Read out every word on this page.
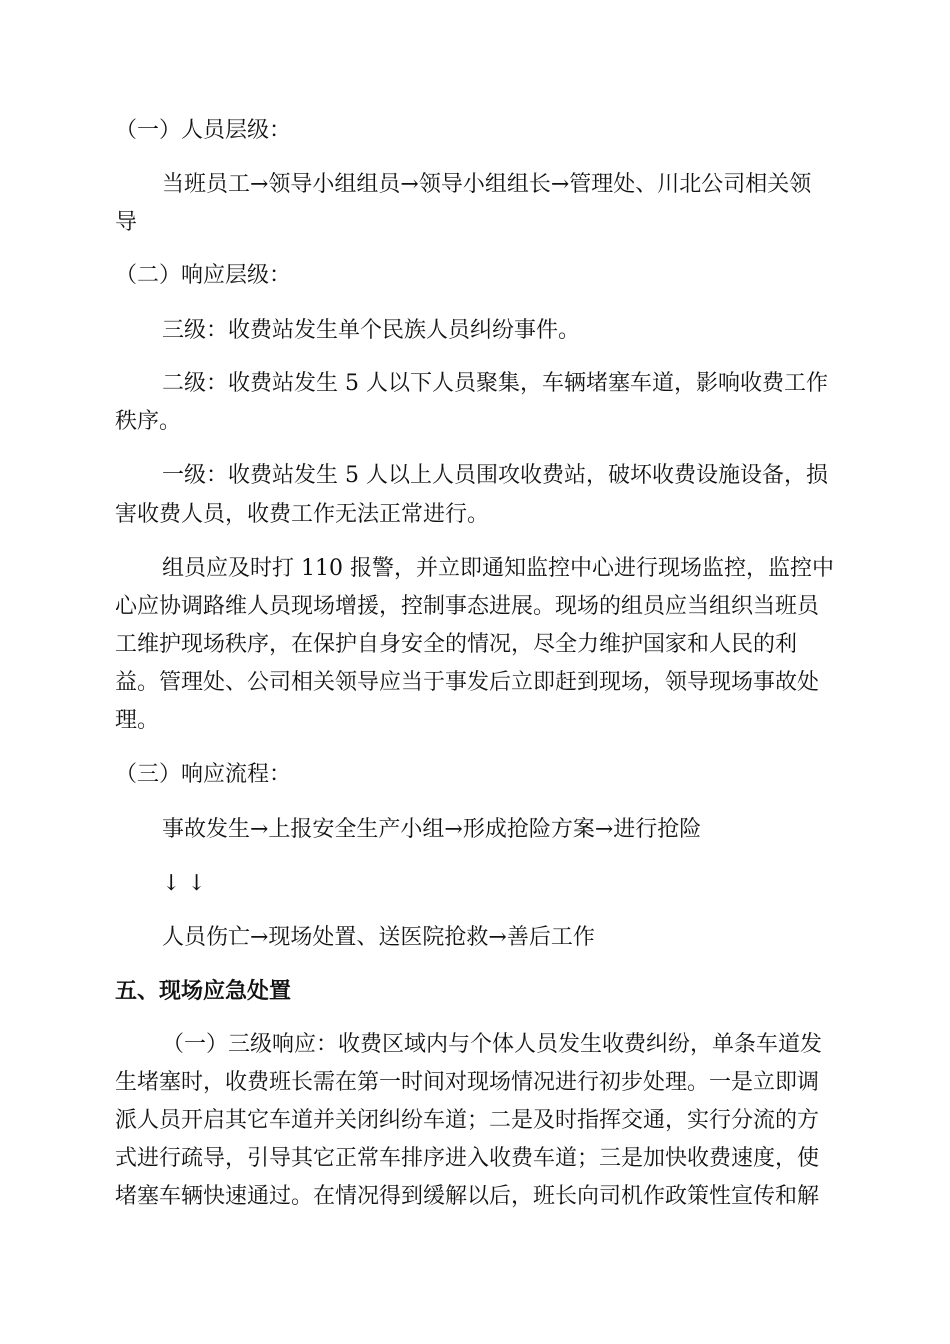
（一）人员层级：
当班员工→领导小组组员→领导小组组长→管理处、川北公司相关领
导
（二）响应层级：
三级：收费站发生单个民族人员纠纷事件。
二级：收费站发生 5 人以下人员聚集，车辆堵塞车道，影响收费工作
秩序。
一级：收费站发生 5 人以上人员围攻收费站，破坏收费设施设备，损
害收费人员，收费工作无法正常进行。
组员应及时打 110 报警，并立即通知监控中心进行现场监控，监控中
心应协调路维人员现场增援，控制事态进展。现场的组员应当组织当班员
工维护现场秩序，在保护自身安全的情况，尽全力维护国家和人民的利
益。管理处、公司相关领导应当于事发后立即赶到现场，领导现场事故处
理。
（三）响应流程：
事故发生→上报安全生产小组→形成抢险方案→进行抢险
↓ ↓
人员伤亡→现场处置、送医院抢救→善后工作
五、现场应急处置
（一）三级响应：收费区域内与个体人员发生收费纠纷，单条车道发
生堵塞时，收费班长需在第一时间对现场情况进行初步处理。一是立即调
派人员开启其它车道并关闭纠纷车道；二是及时指挥交通，实行分流的方
式进行疏导，引导其它正常车排序进入收费车道；三是加快收费速度，使
堵塞车辆快速通过。在情况得到缓解以后，班长向司机作政策性宣传和解
